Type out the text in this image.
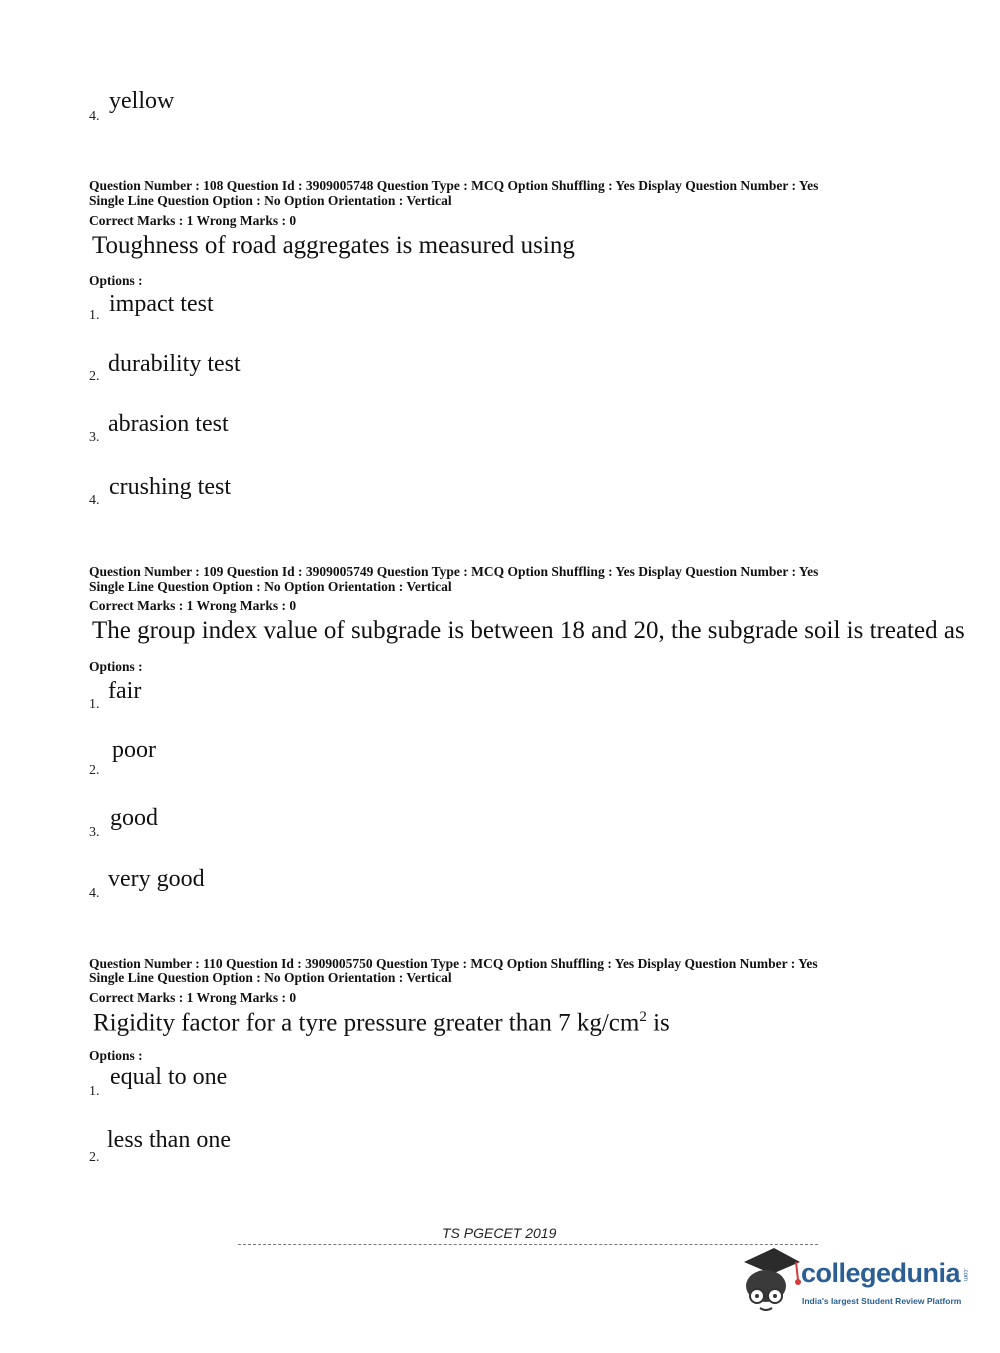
4.
yellow
Question Number : 108 Question Id : 3909005748 Question Type : MCQ Option Shuffling : Yes Display Question Number : Yes
Single Line Question Option : No Option Orientation : Vertical
Correct Marks : 1 Wrong Marks : 0
Toughness of road aggregates is measured using
Options :
1. impact test
2. durability test
3.
abrasion test
4.
crushing test
Question Number : 109 Question Id : 3909005749 Question Type : MCQ Option Shuffling : Yes Display Question Number : Yes
Single Line Question Option : No Option Orientation : Vertical
Correct Marks : 1 Wrong Marks : 0
The group index value of subgrade is between 18 and 20, the subgrade soil is treated as
Options :
1.
fair
2.
poor
3.
good
4.
very good
Question Number : 110 Question Id : 3909005750 Question Type : MCQ Option Shuffling : Yes Display Question Number : Yes
Single Line Question Option : No Option Orientation : Vertical
Correct Marks : 1 Wrong Marks : 0
Rigidity factor for a tyre pressure greater than 7 $kg/cm^2$ is
Options :
1.
equal to one
2.
less than one
TS PGECET 2019
collegedunia .com
India's largest Student Review Platform
